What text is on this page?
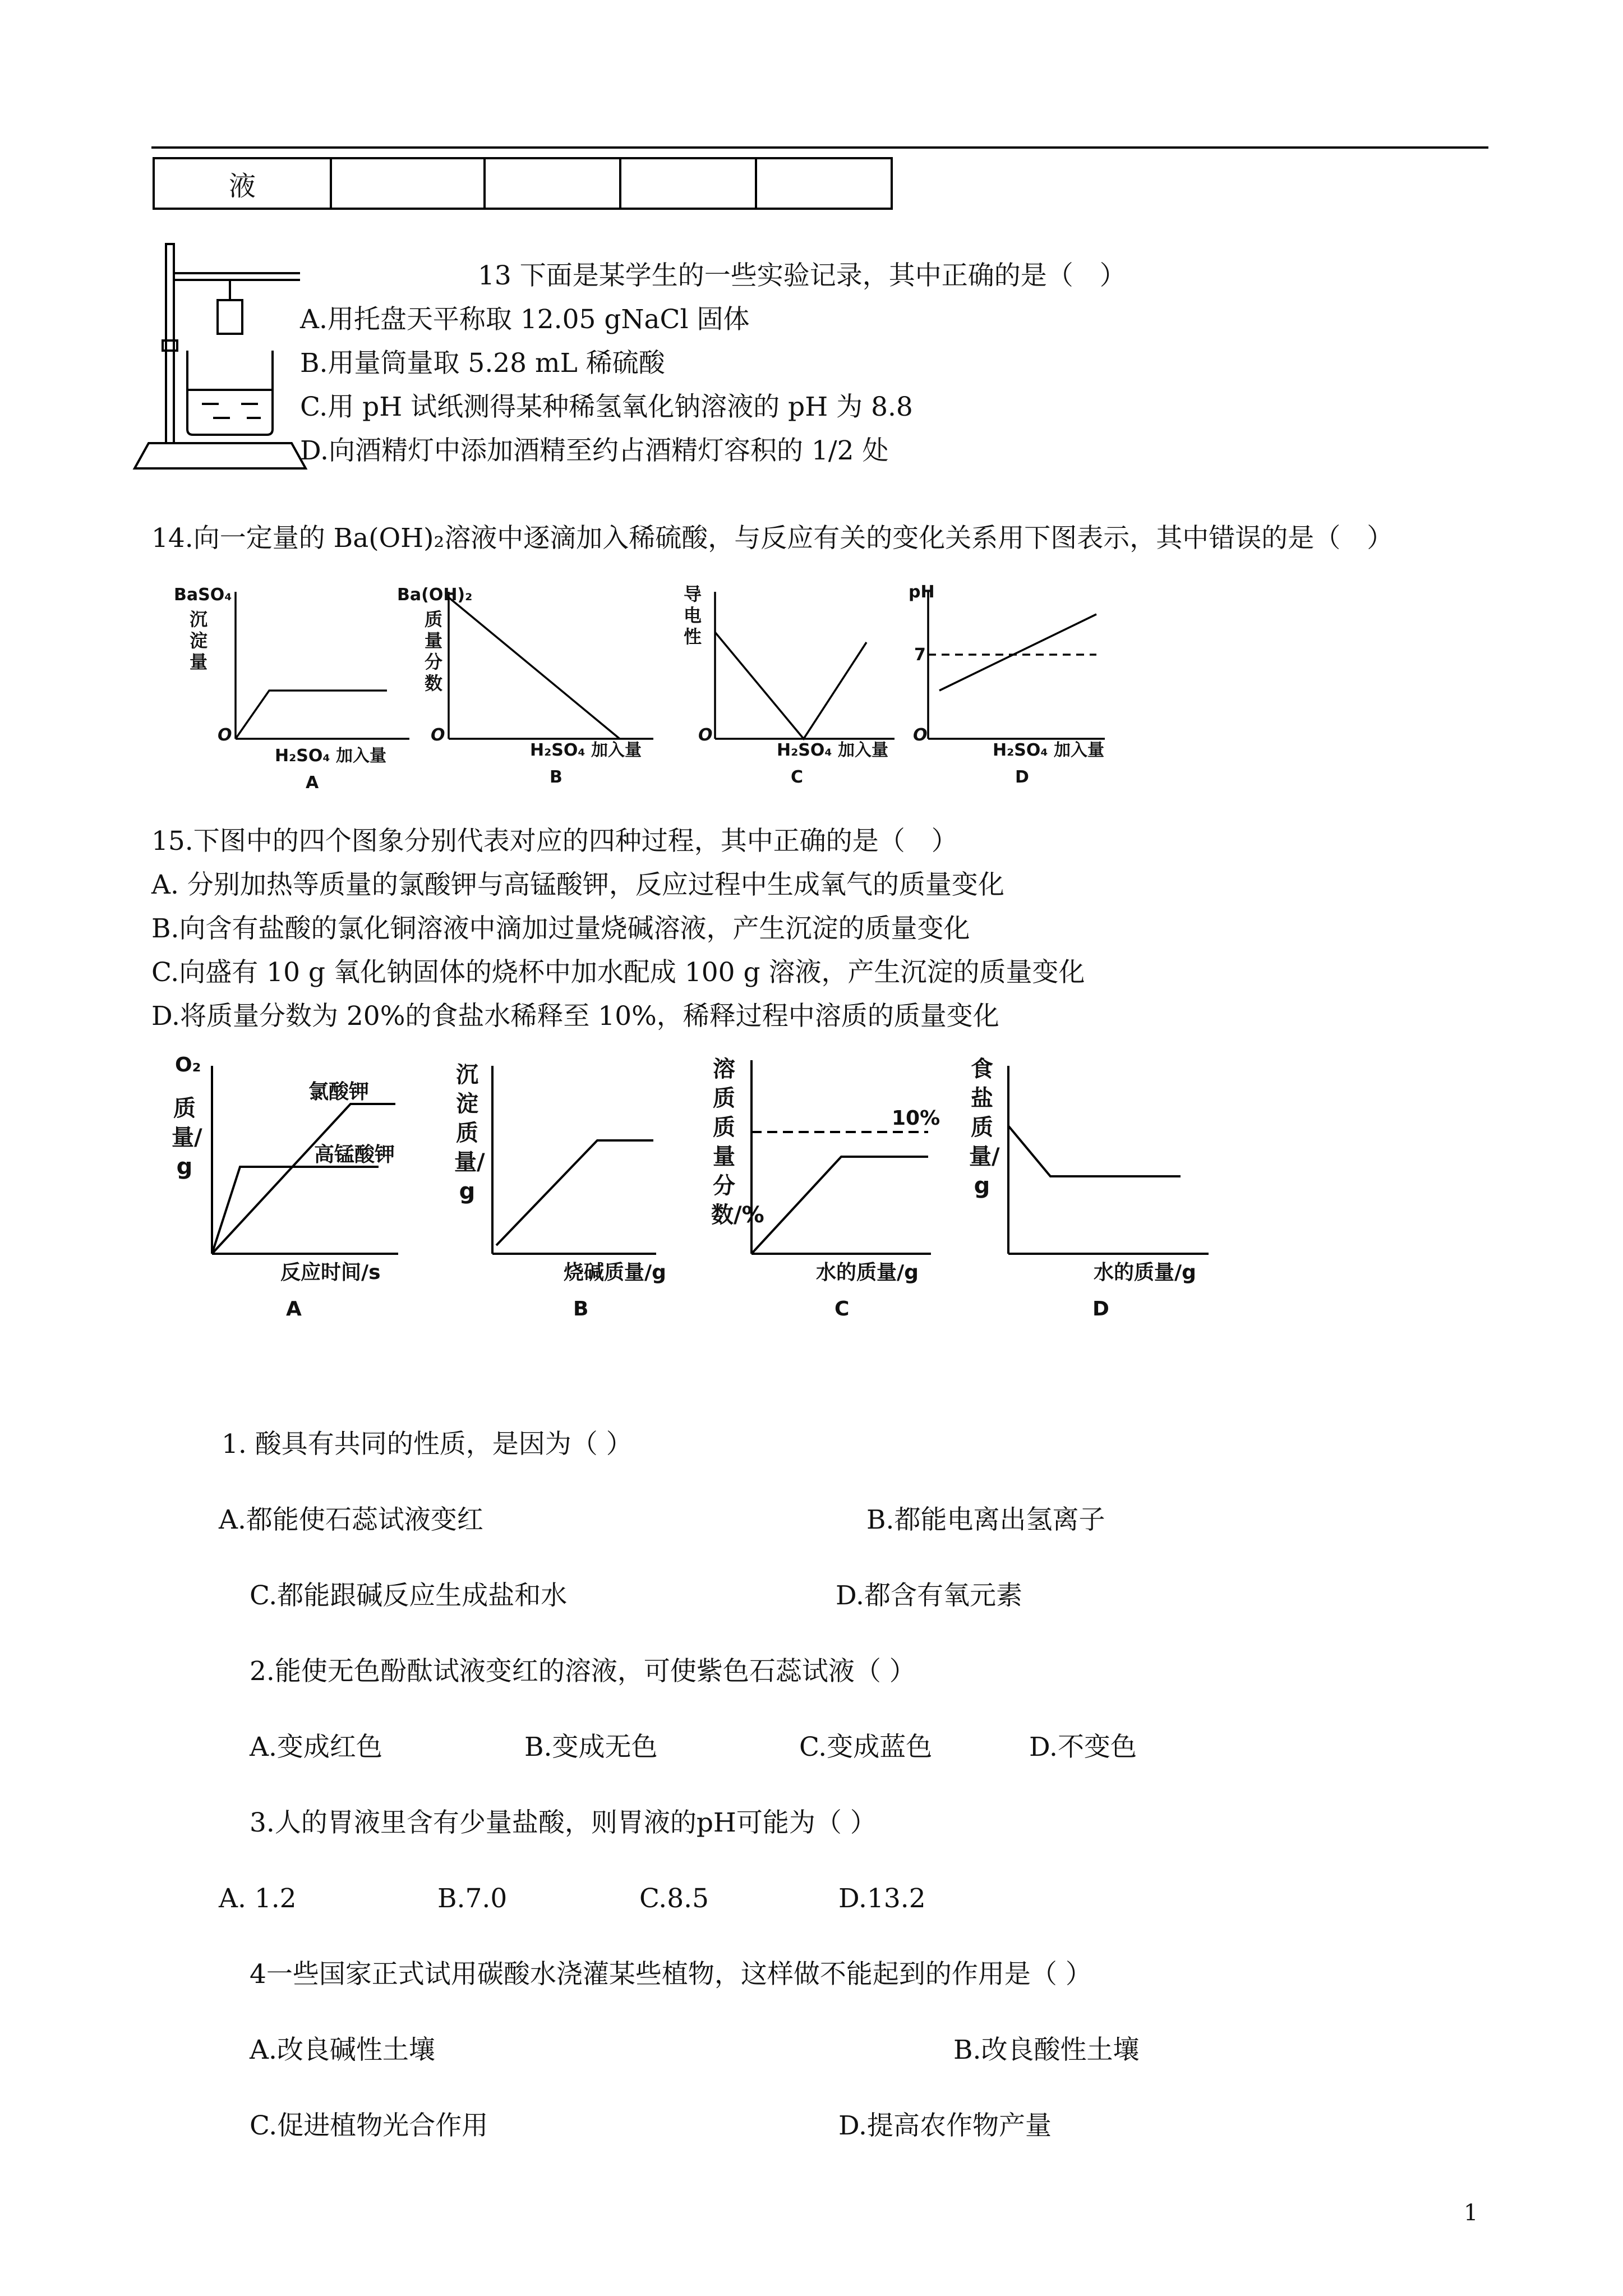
液				
13 下面是某学生的一些实验记录，其中正确的是（　）
A.用托盘天平称取 12.05 gNaCl 固体
B.用量筒量取 5.28 mL 稀硫酸
C.用 pH 试纸测得某种稀氢氧化钠溶液的 pH 为 8.8
D.向酒精灯中添加酒精至约占酒精灯容积的 1/2 处
14.向一定量的 Ba(OH)₂溶液中逐滴加入稀硫酸，与反应有关的变化关系用下图表示，其中错误的是（　）
BaSO₄
O
H₂SO₄ 加入量
A
Ba(OH)₂
O
H₂SO₄ 加入量
B
O
H₂SO₄ 加入量
C
pH
7
O
H₂SO₄ 加入量
D
沉淀量
质量分数
导电性
15.下图中的四个图象分别代表对应的四种过程，其中正确的是（　）
A. 分别加热等质量的氯酸钾与高锰酸钾，反应过程中生成氧气的质量变化
B.向含有盐酸的氯化铜溶液中滴加过量烧碱溶液，产生沉淀的质量变化
C.向盛有 10 g 氧化钠固体的烧杯中加水配成 100 g 溶液，产生沉淀的质量变化
D.将质量分数为 20%的食盐水稀释至 10%，稀释过程中溶质的质量变化
O₂
氯酸钾
高锰酸钾
反应时间/s
A
烧碱质量/g
B
10%
水的质量/g
C
水的质量/g
D
质量/g
沉淀质量/g
溶质质量分数/%
食盐质量/g
1. 酸具有共同的性质，是因为（ ）
A.都能使石蕊试液变红	B.都能电离出氢离子
C.都能跟碱反应生成盐和水	D.都含有氧元素
2.能使无色酚酞试液变红的溶液，可使紫色石蕊试液（ ）
A.变成红色	B.变成无色	C.变成蓝色	D.不变色
3.人的胃液里含有少量盐酸，则胃液的pH可能为（ ）
A. 1.2	B.7.0	C.8.5	D.13.2
4一些国家正式试用碳酸水浇灌某些植物，这样做不能起到的作用是（ ）
A.改良碱性土壤	B.改良酸性土壤
C.促进植物光合作用	D.提高农作物产量
1
